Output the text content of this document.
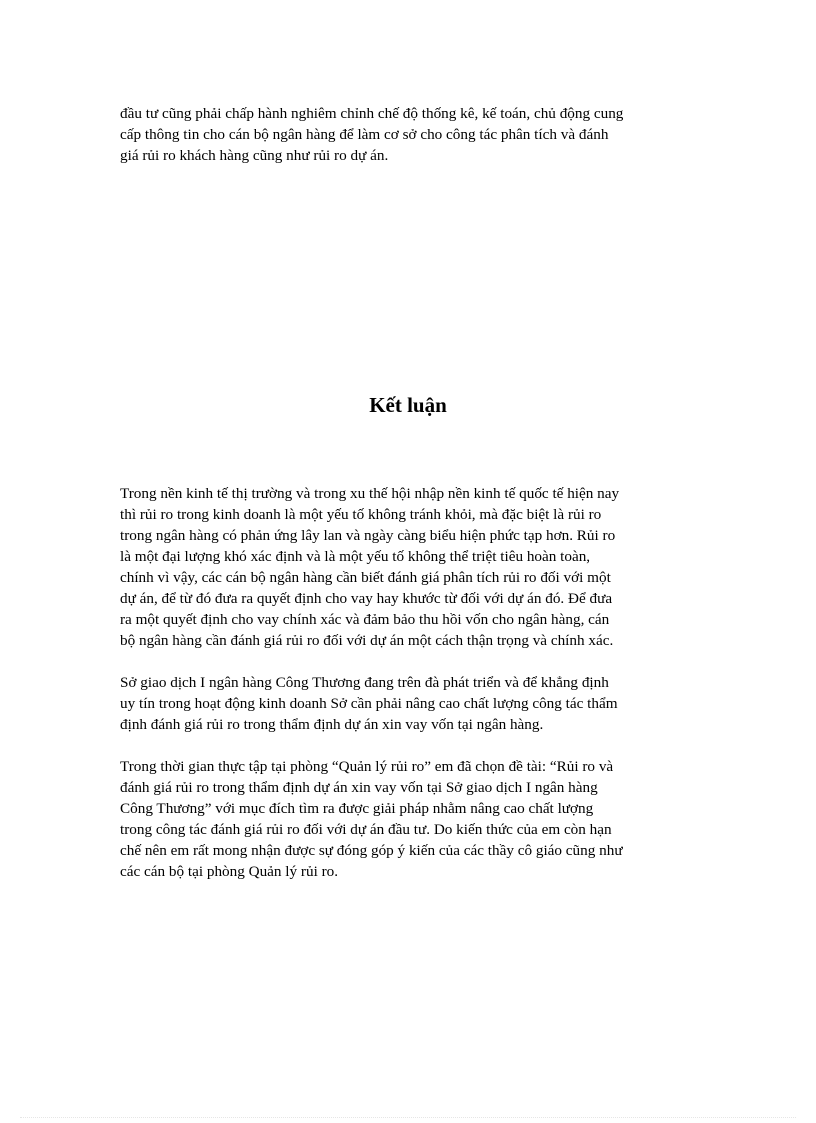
đầu tư cũng phải chấp hành nghiêm chỉnh chế độ thống kê, kế toán, chủ động cung
cấp thông tin cho cán bộ ngân hàng để làm cơ sở cho công tác phân tích và đánh
giá rủi ro khách hàng cũng như rủi ro dự án.
Kết luận
Trong nền kinh tế thị trường và trong xu thế hội nhập nền kinh tế quốc tế hiện nay
thì rủi ro trong kinh doanh là một yếu tố không tránh khỏi, mà đặc biệt là rủi ro
trong ngân hàng có phản ứng lây lan và ngày càng biểu hiện phức tạp hơn. Rủi ro
là một đại lượng khó xác định và là một yếu tố không thể triệt tiêu hoàn toàn,
chính vì vậy, các cán bộ ngân hàng cần biết đánh giá phân tích rủi ro đối với một
dự án, để từ đó đưa ra quyết định cho vay hay khước từ đối với dự án đó. Để đưa
ra một quyết định cho vay chính xác và đảm bảo thu hồi vốn cho ngân hàng, cán
bộ ngân hàng cần đánh giá rủi ro đối với dự án một cách thận trọng và chính xác.
Sở giao dịch I ngân hàng Công Thương đang trên đà phát triển và để khẳng định
uy tín trong hoạt động kinh doanh Sở cần phải nâng cao chất lượng công tác thẩm
định đánh giá rủi ro trong thẩm định dự án xin vay vốn tại ngân hàng.
Trong thời gian thực tập tại phòng “Quản lý rủi ro” em đã chọn đề tài: “Rủi ro và
đánh giá rủi ro trong thẩm định dự án xin vay vốn tại Sở giao dịch I ngân hàng
Công Thương” với mục đích tìm ra được giải pháp nhằm nâng cao chất lượng
trong công tác đánh giá rủi ro đối với dự án đầu tư. Do kiến thức của em còn hạn
chế nên em rất mong nhận được sự đóng góp ý kiến của các thầy cô giáo cũng như
các cán bộ tại phòng Quản lý rủi ro.
